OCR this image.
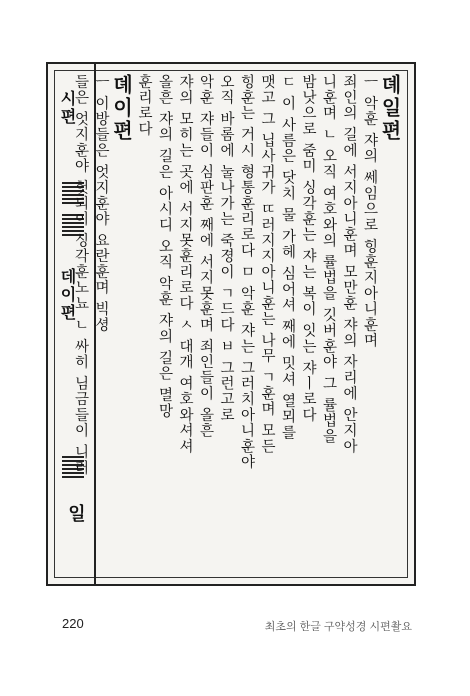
시편
데이편
일
뎨일편
ㅡ 악훈 쟈의 쎄임으로 힝훈지아니훈며
죄인의 길에 서지아니훈며 모만훈 쟈의 자리에 안지아
니훈며 ㄴ 오직 여호와의 률법을 깃버훈야 그 률법을
밤낫으로 줌미 싱각훈는 쟈는 복이 잇는 쟈ㅣ로다
ㄷ 이 사름은 닷치 물 가헤 심어셔 째에 밋셔 열뫼를
맷고 그 닙사귀가 ㄸ러지지아니훈는 나무 ㄱ훈며 모든
힝훈는 거시 형통훈리로다 ㅁ 악훈 쟈는 그러치아니훈야
오직 바롬에 눌나가는 죽졍이 ㄱ드다 ㅂ 그런고로
악훈 쟈들이 심판훈 째에 서지못훈며 죄인들이 올흔
쟈의 모히는 곳에 서지못훈리로다 ㅅ 대개 여호와셔셔
올흔 쟈의 길은 아시디 오직 악훈 쟈의 길은 멸망
훈리로다
뎨이편
ㅡ 이방들은 엇지훈야 요란훈며 빅셩
들은 엇지훈야 헛되이 싱각훈노뇨 ㄴ 싸히 님금들이 니러
220	최초의 한글 구약성경 시편촬요
